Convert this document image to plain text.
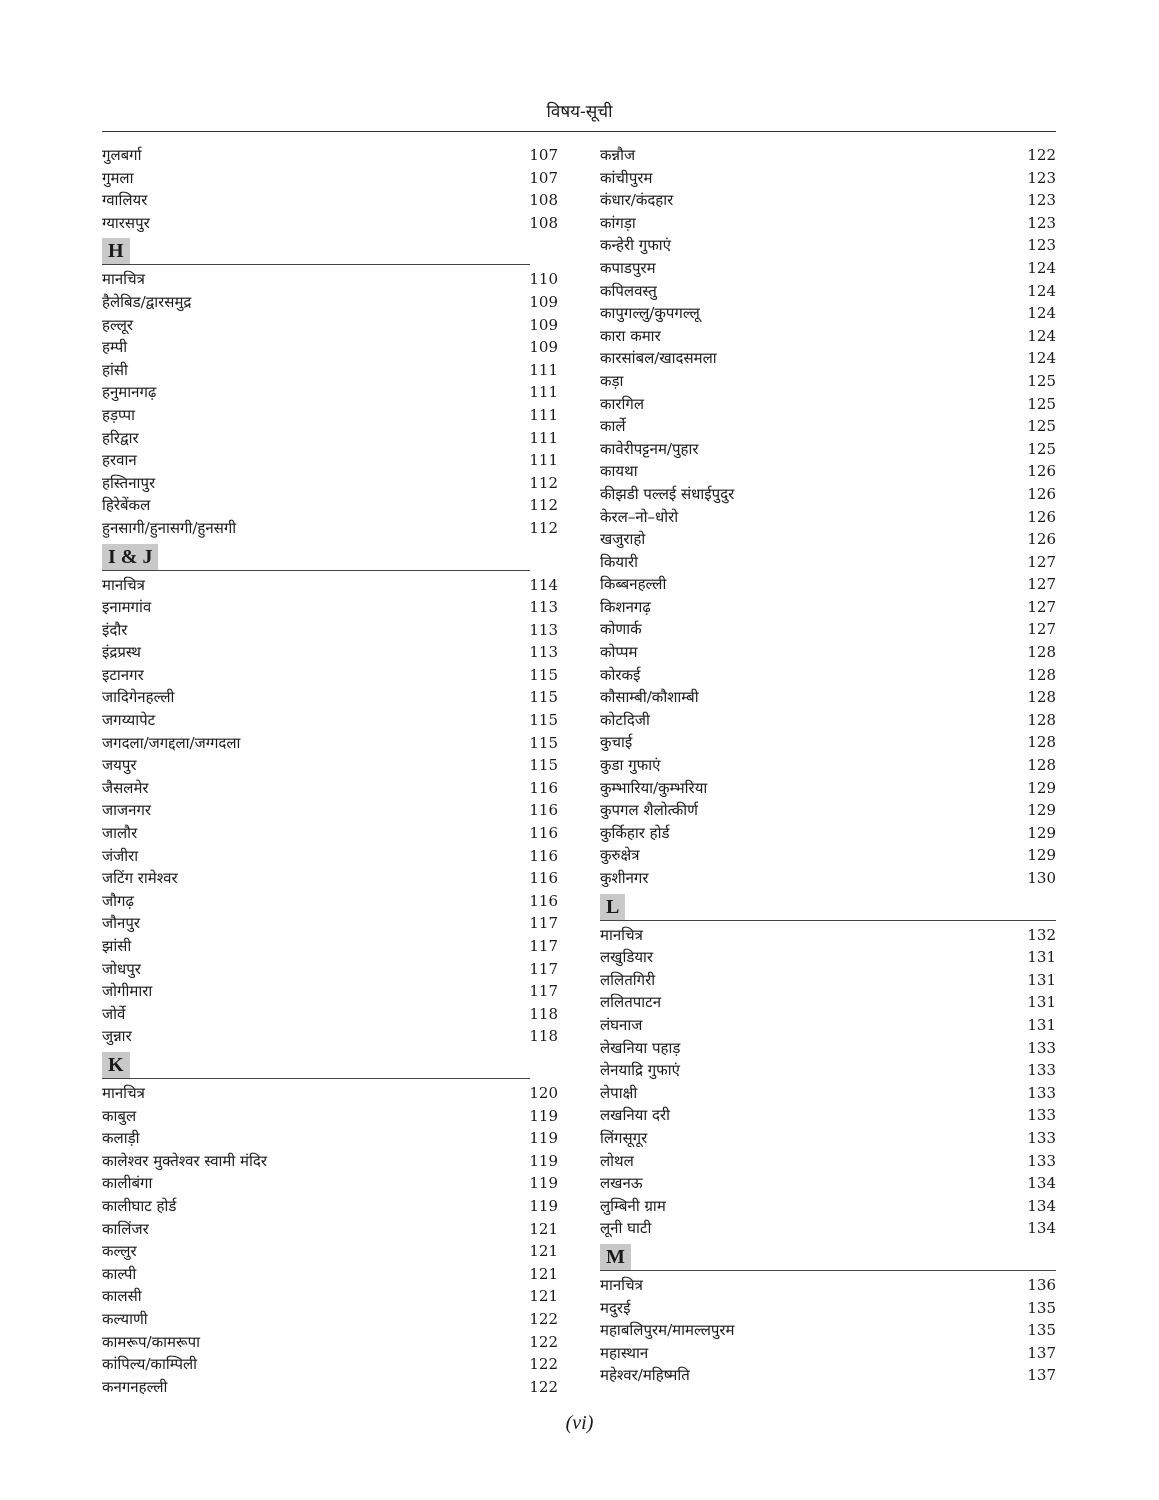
विषय-सूची
गुलबर्गा	107
गुमला	107
ग्वालियर	108
ग्यारसपुर	108
H
मानचित्र	110
हैलेबिड/द्वारसमुद्र	109
हल्लूर	109
हम्पी	109
हांसी	111
हनुमानगढ़	111
हड़प्पा	111
हरिद्वार	111
हरवान	111
हस्तिनापुर	112
हिरेबेंकल	112
हुनसागी/हुनासगी/हुनसगी	112
I & J
मानचित्र	114
इनामगांव	113
इंदौर	113
इंद्रप्रस्थ	113
इटानगर	115
जादिगेनहल्ली	115
जगय्यापेट	115
जगदला/जगद्दला/जग्गदला	115
जयपुर	115
जैसलमेर	116
जाजनगर	116
जालौर	116
जंजीरा	116
जटिंग रामेश्वर	116
जौगढ़	116
जौनपुर	117
झांसी	117
जोधपुर	117
जोगीमारा	117
जोर्वे	118
जुन्नार	118
K
मानचित्र	120
काबुल	119
कलाड़ी	119
कालेश्वर मुक्तेश्वर स्वामी मंदिर	119
कालीबंगा	119
कालीघाट होर्ड	119
कालिंजर	121
कल्लुर	121
काल्पी	121
कालसी	121
कल्याणी	122
कामरूप/कामरूपा	122
कांपिल्य/काम्पिली	122
कनगनहल्ली	122
कन्नौज	122
कांचीपुरम	123
कंधार/कंदहार	123
कांगड़ा	123
कन्हेरी गुफाएं	123
कपाडपुरम	124
कपिलवस्तु	124
कापुगल्लु/कुपगल्लू	124
कारा कमार	124
कारसांबल/खादसमला	124
कड़ा	125
कारगिल	125
कार्ले	125
कावेरीपट्टनम/पुहार	125
कायथा	126
कीझडी पल्लई संधाईपुदुर	126
केरल–नो–धोरो	126
खजुराहो	126
कियारी	127
किब्बनहल्ली	127
किशनगढ़	127
कोणार्क	127
कोप्पम	128
कोरकई	128
कौसाम्बी/कौशाम्बी	128
कोटदिजी	128
कुचाई	128
कुडा गुफाएं	128
कुम्भारिया/कुम्भरिया	129
कुपगल शैलोत्कीर्ण	129
कुर्किहार होर्ड	129
कुरुक्षेत्र	129
कुशीनगर	130
L
मानचित्र	132
लखुडियार	131
ललितगिरी	131
ललितपाटन	131
लंघनाज	131
लेखनिया पहाड़	133
लेनयाद्रि गुफाएं	133
लेपाक्षी	133
लखनिया दरी	133
लिंगसूगूर	133
लोथल	133
लखनऊ	134
लुम्बिनी ग्राम	134
लूनी घाटी	134
M
मानचित्र	136
मदुरई	135
महाबलिपुरम/मामल्लपुरम	135
महास्थान	137
महेश्वर/महिष्मति	137
(vi)
